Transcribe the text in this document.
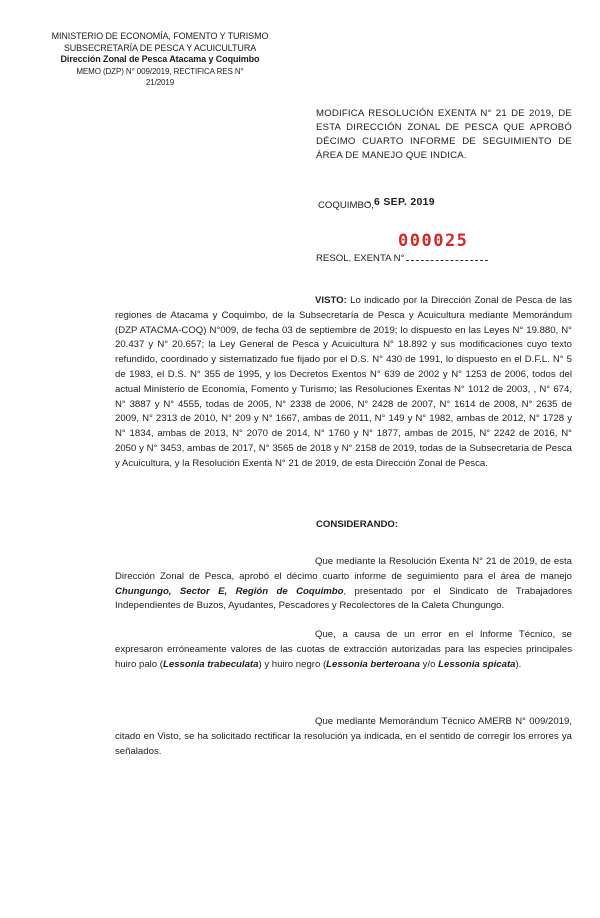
MINISTERIO DE ECONOMÍA, FOMENTO Y TURISMO
SUBSECRETARÍA DE PESCA Y ACUICULTURA
Dirección Zonal de Pesca Atacama y Coquimbo
MEMO (DZP) N° 009/2019, RECTIFICA RES N°
21/2019
MODIFICA RESOLUCIÓN EXENTA N° 21 DE 2019, DE ESTA DIRECCIÓN ZONAL DE PESCA QUE APROBÓ DÉCIMO CUARTO INFORME DE SEGUIMIENTO DE ÁREA DE MANEJO QUE INDICA.
COQUIMBO,
- 6 SEP. 2019
000025
RESOL. EXENTA N°
VISTO: Lo indicado por la Dirección Zonal de Pesca de las regiones de Atacama y Coquimbo, de la Subsecretaría de Pesca y Acuicultura mediante Memorándum (DZP ATACMA-COQ) N°009, de fecha 03 de septiembre de 2019; lo dispuesto en las Leyes N° 19.880, N° 20.437 y N° 20.657; la Ley General de Pesca y Acuicultura N° 18.892 y sus modificaciones cuyo texto refundido, coordinado y sistematizado fue fijado por el D.S. N° 430 de 1991, lo dispuesto en el D.F.L. N° 5 de 1983, el D.S. N° 355 de 1995, y los Decretos Exentos N° 639 de 2002 y N° 1253 de 2006, todos del actual Ministerio de Economía, Fomento y Turismo; las Resoluciones Exentas N° 1012 de 2003, , N° 674, N° 3887 y N° 4555, todas de 2005, N° 2338 de 2006, N° 2428 de 2007, N° 1614 de 2008, N° 2635 de 2009, N° 2313 de 2010, N° 209 y N° 1667, ambas de 2011, N° 149 y N° 1982, ambas de 2012, N° 1728 y N° 1834, ambas de 2013, N° 2070 de 2014, N° 1760 y N° 1877, ambas de 2015, N° 2242 de 2016, N° 2050 y N° 3453, ambas de 2017, N° 3565 de 2018 y N° 2158 de 2019, todas de la Subsecretaría de Pesca y Acuicultura, y la Resolución Exenta N° 21 de 2019, de esta Dirección Zonal de Pesca.
CONSIDERANDO:
Que mediante la Resolución Exenta N° 21 de 2019, de esta Dirección Zonal de Pesca, aprobó el décimo cuarto informe de seguimiento para el área de manejo Chungungo, Sector E, Región de Coquimbo, presentado por el Sindicato de Trabajadores Independientes de Buzos, Ayudantes, Pescadores y Recolectores de la Caleta Chungungo.
Que, a causa de un error en el Informe Técnico, se expresaron erróneamente valores de las cuotas de extracción autorizadas para las especies principales huiro palo (Lessonia trabeculata) y huiro negro (Lessonia berteroana y/o Lessonia spicata).
Que mediante Memorándum Técnico AMERB N° 009/2019, citado en Visto, se ha solicitado rectificar la resolución ya indicada, en el sentido de corregir los errores ya señalados.
